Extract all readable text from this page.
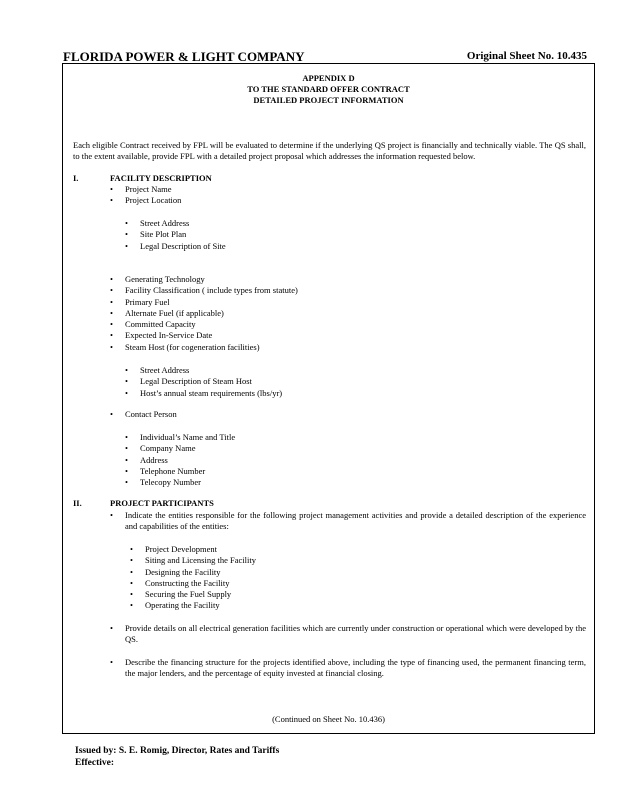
FLORIDA POWER & LIGHT COMPANY	Original Sheet No. 10.435
APPENDIX D
TO THE STANDARD OFFER CONTRACT
DETAILED PROJECT INFORMATION
Each eligible Contract received by FPL will be evaluated to determine if the underlying QS project is financially and technically viable. The QS shall, to the extent available, provide FPL with a detailed project proposal which addresses the information requested below.
I.	FACILITY DESCRIPTION
• Project Name
• Project Location
• Street Address
• Site Plot Plan
• Legal Description of Site
• Generating Technology
• Facility Classification ( include types from statute)
• Primary Fuel
• Alternate Fuel (if applicable)
• Committed Capacity
• Expected In-Service Date
• Steam Host (for cogeneration facilities)
• Street Address
• Legal Description of Steam Host
• Host’s annual steam requirements (lbs/yr)
• Contact Person
• Individual’s Name and Title
• Company Name
• Address
• Telephone Number
• Telecopy Number
II.	PROJECT PARTICIPANTS
• Indicate the entities responsible for the following project management activities and provide a detailed description of the experience and capabilities of the entities:
• Project Development
• Siting and Licensing the Facility
• Designing the Facility
• Constructing the Facility
• Securing the Fuel Supply
• Operating the Facility
• Provide details on all electrical generation facilities which are currently under construction or operational which were developed by the QS.
• Describe the financing structure for the projects identified above, including the type of financing used, the permanent financing term, the major lenders, and the percentage of equity invested at financial closing.
(Continued on Sheet No. 10.436)
Issued by: S. E. Romig, Director, Rates and Tariffs
Effective:
